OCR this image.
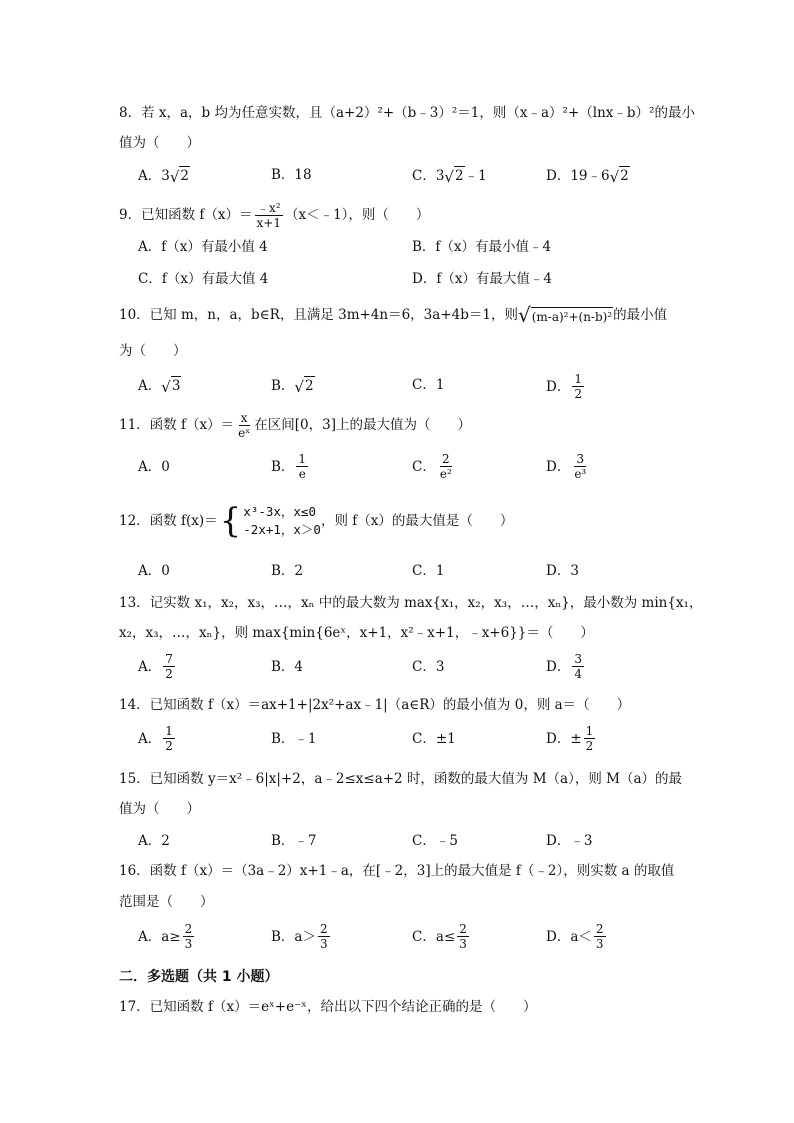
8．若 x，a，b 均为任意实数，且（a+2）²+（b﹣3）²＝1，则（x﹣a）²+（lnx﹣b）²的最小
值为（　　）
A．3 √ 2	B．18	C．3 √ 2 ﹣1	D．19﹣6 √ 2
9．已知函数 $f(x)= \frac{\text{﹣x²}}{x+1}$ （x＜﹣1），则（　　）
A．f（x）有最小值 4	B．f（x）有最小值﹣4
C．f（x）有最大值 4	D．f（x）有最大值﹣4
10．已知 m，n，a，b∈R，且满足 3m+4n＝6，3a+4b＝1，则 √ (m-a)²+(n-b)² 的最小值
为（　　）
A． √ 3	B． √ 2	C．1	D． $\frac{1}{2}$
11．函数 $f(x)= \frac{x}{\text{eˣ}}$ 在区间[0，3]上的最大值为（　　）
A．0	B． $\frac{1}{e}$	C． $\frac{2}{\text{e²}}$	D． $\frac{3}{\text{e³}}$
12．函数 f(x)＝ { x³-3x，x≤0
-2x+1，x＞0
，则 f（x）的最大值是（　　）
A．0	B．2	C．1	D．3
13．记实数 x₁，x₂，x₃，…，xₙ 中的最大数为 max{x₁，x₂，x₃，…，xₙ}，最小数为 min{x₁，
x₂，x₃，…，xₙ}，则 max{min{6eˣ，x+1，x²﹣x+1，﹣x+6}}＝（　　）
A． $\frac{7}{2}$	B．4	C．3	D． $\frac{3}{4}$
14．已知函数 f（x）＝ax+1+|2x²+ax﹣1|（a∈R）的最小值为 0，则 a＝（　　）
A． $\frac{1}{2}$	B．﹣1	C．±1	D．± $\frac{1}{2}$
15．已知函数 y＝x²﹣6|x|+2，a﹣2≤x≤a+2 时，函数的最大值为 M（a），则 M（a）的最
值为（　　）
A．2	B．﹣7	C．﹣5	D．﹣3
16．函数 f（x）＝（3a﹣2）x+1﹣a，在[﹣2，3]上的最大值是 f（﹣2），则实数 a 的取值
范围是（　　）
A．$a\ge \frac{2}{3}$	B．$a> \frac{2}{3}$	C．$a\le \frac{2}{3}$	D．$a< \frac{2}{3}$
二．多选题（共 1 小题）
17．已知函数 f（x）＝eˣ+e⁻ˣ，给出以下四个结论正确的是（　　）
